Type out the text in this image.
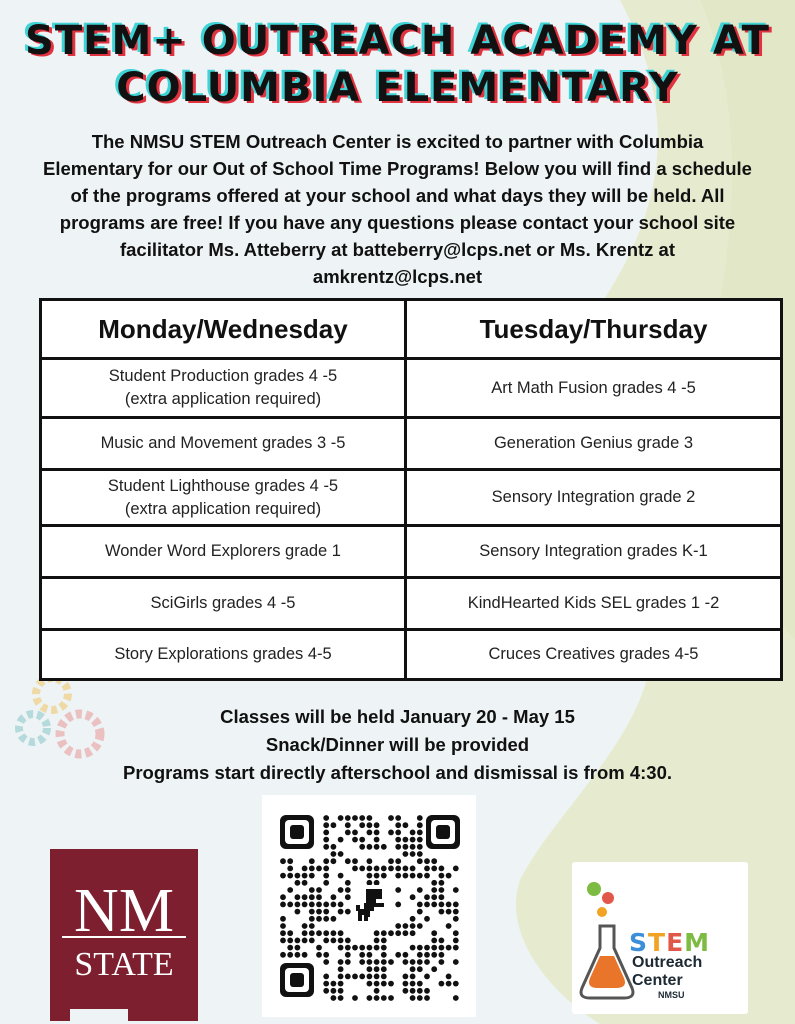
STEM+ OUTREACH ACADEMY AT
COLUMBIA ELEMENTARY
The NMSU STEM Outreach Center is excited to partner with Columbia
Elementary for our Out of School Time Programs! Below you will find a schedule
of the programs offered at your school and what days they will be held. All
programs are free! If you have any questions please contact your school site
facilitator Ms. Atteberry at batteberry@lcps.net or Ms. Krentz at
amkrentz@lcps.net
Monday/Wednesday	Tuesday/Thursday

Student Production grades 4 -5
(extra application required)	Art Math Fusion grades 4 -5

Music and Movement grades 3 -5	Generation Genius grade 3

Student Lighthouse grades 4 -5
(extra application required)	Sensory Integration grade 2

Wonder Word Explorers grade 1	Sensory Integration grades K-1

SciGirls grades 4 -5	KindHearted Kids SEL grades 1 -2

Story Explorations grades 4-5	Cruces Creatives grades 4-5
Classes will be held January 20 - May 15
Snack/Dinner will be provided
Programs start directly afterschool and dismissal is from 4:30.
NM
STATE
STEM
Outreach
Center
NMSU
